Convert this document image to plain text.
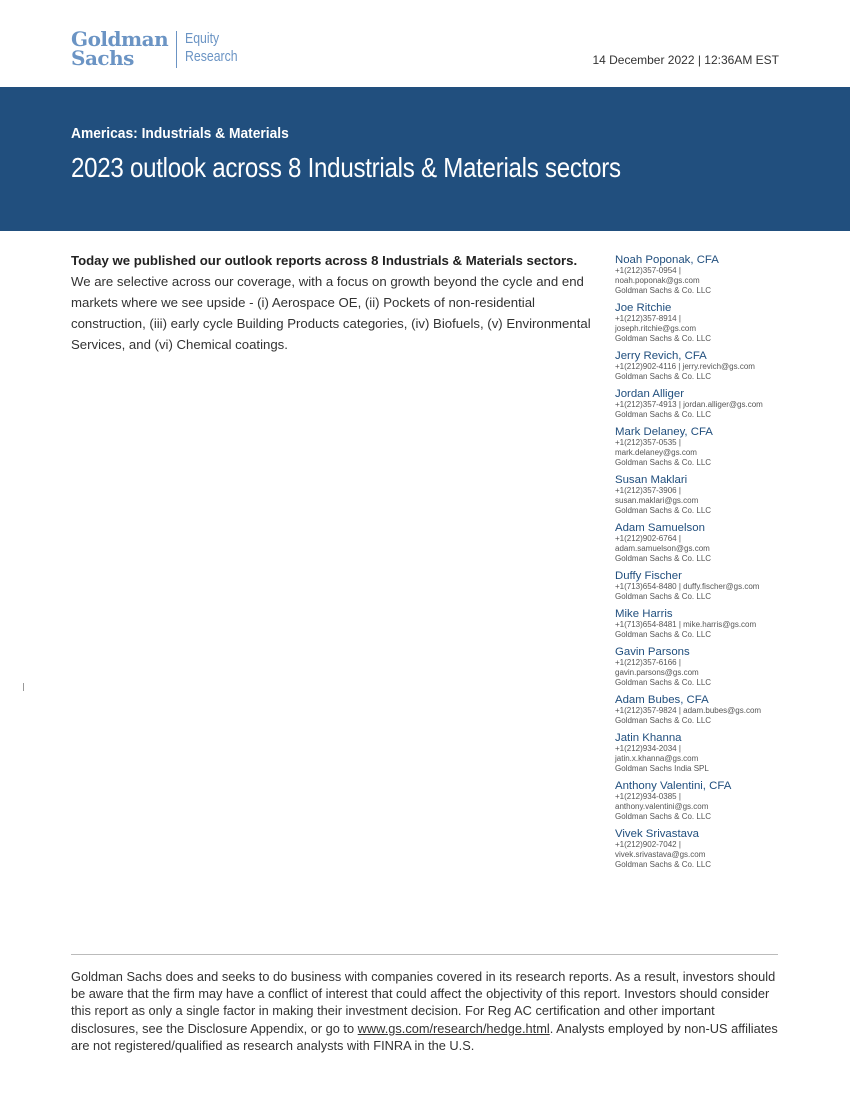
Goldman
Sachs
Equity
Research	14 December 2022 | 12:36AM EST
Americas: Industrials & Materials
2023 outlook across 8 Industrials & Materials sectors
Today we published our outlook reports across 8 Industrials & Materials sectors. We are selective across our coverage, with a focus on growth beyond the cycle and end markets where we see upside - (i) Aerospace OE, (ii) Pockets of non-residential construction, (iii) early cycle Building Products categories, (iv) Biofuels, (v) Environmental Services, and (vi) Chemical coatings.
Noah Poponak, CFA
+1(212)357-0954 |
noah.poponak@gs.com
Goldman Sachs & Co. LLC
Joe Ritchie
+1(212)357-8914 |
joseph.ritchie@gs.com
Goldman Sachs & Co. LLC
Jerry Revich, CFA
+1(212)902-4116 | jerry.revich@gs.com
Goldman Sachs & Co. LLC
Jordan Alliger
+1(212)357-4913 | jordan.alliger@gs.com
Goldman Sachs & Co. LLC
Mark Delaney, CFA
+1(212)357-0535 |
mark.delaney@gs.com
Goldman Sachs & Co. LLC
Susan Maklari
+1(212)357-3906 |
susan.maklari@gs.com
Goldman Sachs & Co. LLC
Adam Samuelson
+1(212)902-6764 |
adam.samuelson@gs.com
Goldman Sachs & Co. LLC
Duffy Fischer
+1(713)654-8480 | duffy.fischer@gs.com
Goldman Sachs & Co. LLC
Mike Harris
+1(713)654-8481 | mike.harris@gs.com
Goldman Sachs & Co. LLC
Gavin Parsons
+1(212)357-6166 |
gavin.parsons@gs.com
Goldman Sachs & Co. LLC
Adam Bubes, CFA
+1(212)357-9824 | adam.bubes@gs.com
Goldman Sachs & Co. LLC
Jatin Khanna
+1(212)934-2034 |
jatin.x.khanna@gs.com
Goldman Sachs India SPL
Anthony Valentini, CFA
+1(212)934-0385 |
anthony.valentini@gs.com
Goldman Sachs & Co. LLC
Vivek Srivastava
+1(212)902-7042 |
vivek.srivastava@gs.com
Goldman Sachs & Co. LLC
Goldman Sachs does and seeks to do business with companies covered in its research reports. As a result, investors should be aware that the firm may have a conflict of interest that could affect the objectivity of this report. Investors should consider this report as only a single factor in making their investment decision. For Reg AC certification and other important disclosures, see the Disclosure Appendix, or go to www.gs.com/research/hedge.html. Analysts employed by non-US affiliates are not registered/qualified as research analysts with FINRA in the U.S.
